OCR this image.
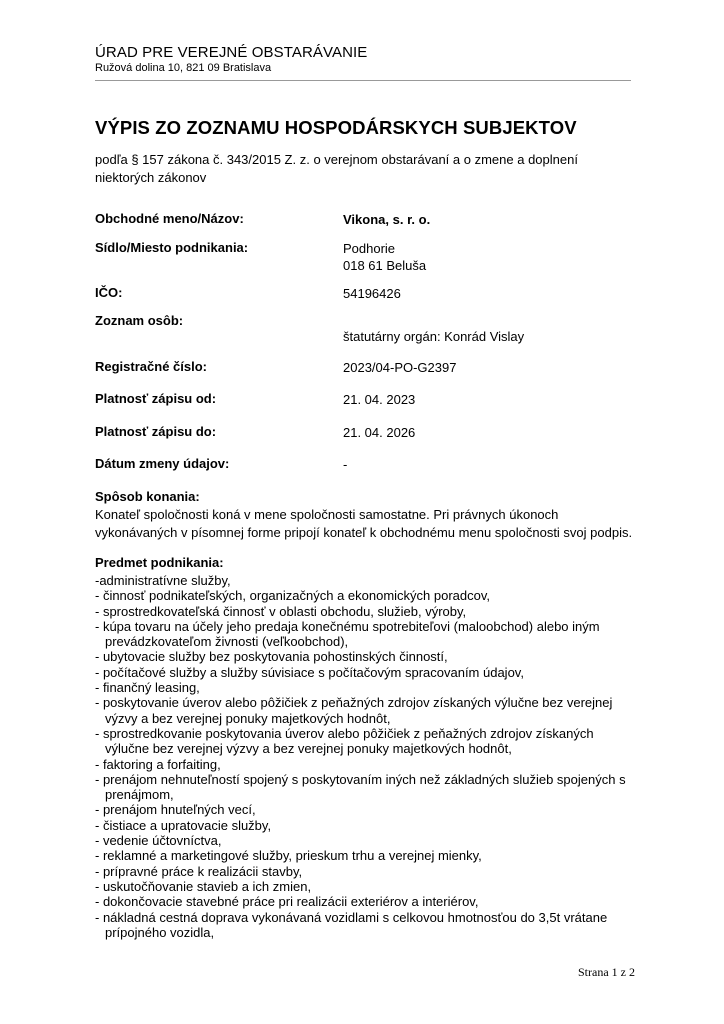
ÚRAD PRE VEREJNÉ OBSTARÁVANIE
Ružová dolina 10, 821 09 Bratislava
VÝPIS ZO ZOZNAMU HOSPODÁRSKYCH SUBJEKTOV
podľa § 157 zákona č. 343/2015 Z. z. o verejnom obstarávaní a o zmene a doplnení niektorých zákonov
Obchodné meno/Názov:	Vikona, s. r. o.
Sídlo/Miesto podnikania:	Podhorie
018 61 Beluša
IČO:	54196426
Zoznam osôb:
štatutárny orgán: Konrád Vislay
Registračné číslo:	2023/04-PO-G2397
Platnosť zápisu od:	21. 04. 2023
Platnosť zápisu do:	21. 04. 2026
Dátum zmeny údajov:	-
Spôsob konania:
Konateľ spoločnosti koná v mene spoločnosti samostatne. Pri právnych úkonoch vykonávaných v písomnej forme pripojí konateľ k obchodnému menu spoločnosti svoj podpis.
Predmet podnikania:
-administratívne služby,
- činnosť podnikateľských, organizačných a ekonomických poradcov,
- sprostredkovateľská činnosť v oblasti obchodu, služieb, výroby,
- kúpa tovaru na účely jeho predaja konečnému spotrebiteľovi (maloobchod) alebo iným prevádzkovateľom živnosti (veľkoobchod),
- ubytovacie služby bez poskytovania pohostinských činností,
- počítačové služby a služby súvisiace s počítačovým spracovaním údajov,
- finančný leasing,
- poskytovanie úverov alebo pôžičiek z peňažných zdrojov získaných výlučne bez verejnej výzvy a bez verejnej ponuky majetkových hodnôt,
- sprostredkovanie poskytovania úverov alebo pôžičiek z peňažných zdrojov získaných výlučne bez verejnej výzvy a bez verejnej ponuky majetkových hodnôt,
- faktoring a forfaiting,
- prenájom nehnuteľností spojený s poskytovaním iných než základných služieb spojených s prenájmom,
- prenájom hnuteľných vecí,
- čistiace a upratovacie služby,
- vedenie účtovníctva,
- reklamné a marketingové služby, prieskum trhu a verejnej mienky,
- prípravné práce k realizácii stavby,
- uskutočňovanie stavieb a ich zmien,
- dokončovacie stavebné práce pri realizácii exteriérov a interiérov,
- nákladná cestná doprava vykonávaná vozidlami s celkovou hmotnosťou do 3,5t vrátane prípojného vozidla,
Strana 1 z 2
